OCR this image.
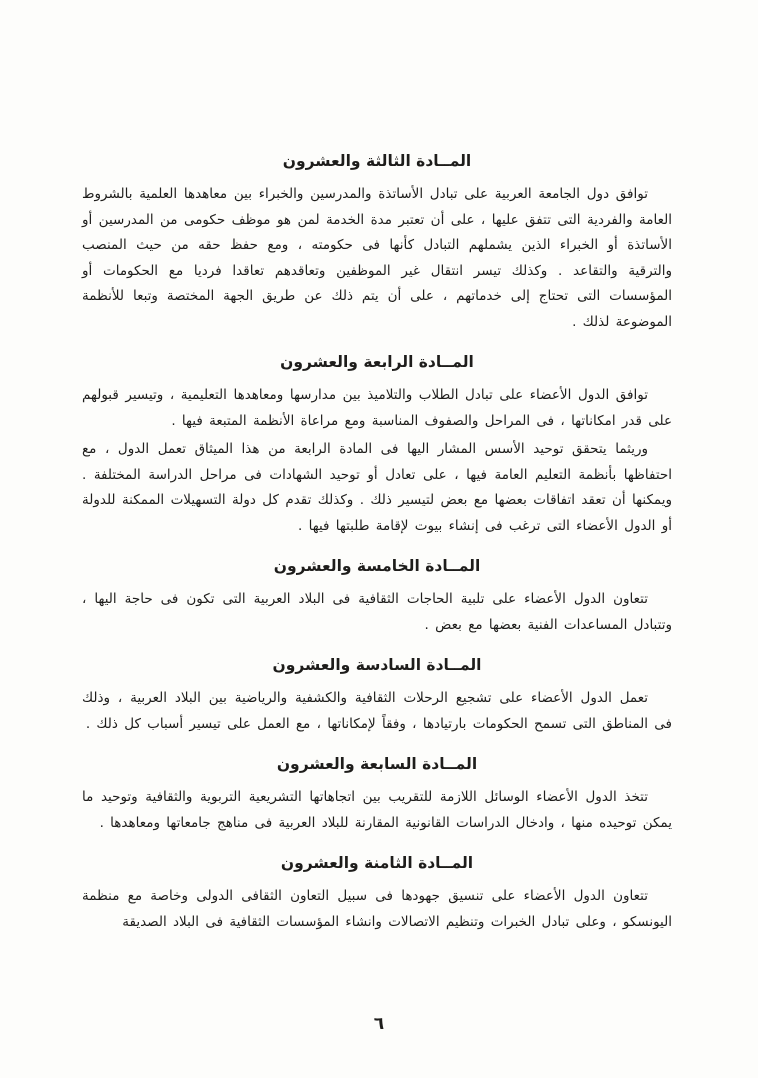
المــادة الثالثة والعشرون

توافق دول الجامعة العربية على تبادل الأساتذة والمدرسين والخبراء بين معاهدها العلمية بالشروط العامة والفردية التى تتفق عليها ، على أن تعتبر مدة الخدمة لمن هو موظف حكومى من المدرسين أو الأساتذة أو الخبراء الذين يشملهم التبادل كأنها فى حكومته ، ومع حفظ حقه من حيث المنصب والترقية والتقاعد . وكذلك تيسر انتقال غير الموظفين وتعاقدهم تعاقدا فرديا مع الحكومات أو المؤسسات التى تحتاج إلى خدماتهم ، على أن يتم ذلك عن طريق الجهة المختصة وتبعا للأنظمة الموضوعة لذلك .

المــادة الرابعة والعشرون

توافق الدول الأعضاء على تبادل الطلاب والتلاميذ بين مدارسها ومعاهدها التعليمية ، وتيسير قبولهم على قدر امكاناتها ، فى المراحل والصفوف المناسبة ومع مراعاة الأنظمة المتبعة فيها .

وريثما يتحقق توحيد الأسس المشار اليها فى المادة الرابعة من هذا الميثاق تعمل الدول ، مع احتفاظها بأنظمة التعليم العامة فيها ، على تعادل أو توحيد الشهادات فى مراحل الدراسة المختلفة . ويمكنها أن تعقد اتفاقات بعضها مع بعض لتيسير ذلك . وكذلك تقدم كل دولة التسهيلات الممكنة للدولة أو الدول الأعضاء التى ترغب فى إنشاء بيوت لإقامة طلبتها فيها .

المــادة الخامسة والعشرون

تتعاون الدول الأعضاء على تلبية الحاجات الثقافية فى البلاد العربية التى تكون فى حاجة اليها ، وتتبادل المساعدات الفنية بعضها مع بعض .

المــادة السادسة والعشرون

تعمل الدول الأعضاء على تشجيع الرحلات الثقافية والكشفية والرياضية بين البلاد العربية ، وذلك فى المناطق التى تسمح الحكومات بارتيادها ، وفقاً لإمكاناتها ، مع العمل على تيسير أسباب كل ذلك .

المــادة السابعة والعشرون

تتخذ الدول الأعضاء الوسائل اللازمة للتقريب بين اتجاهاتها التشريعية التربوية والثقافية وتوحيد ما يمكن توحيده منها ، وادخال الدراسات القانونية المقارنة للبلاد العربية فى مناهج جامعاتها ومعاهدها .

المــادة الثامنة والعشرون

تتعاون الدول الأعضاء على تنسيق جهودها فى سبيل التعاون الثقافى الدولى وخاصة مع منظمة اليونسكو ، وعلى تبادل الخبرات وتنظيم الاتصالات وانشاء المؤسسات الثقافية فى البلاد الصديقة

٦
